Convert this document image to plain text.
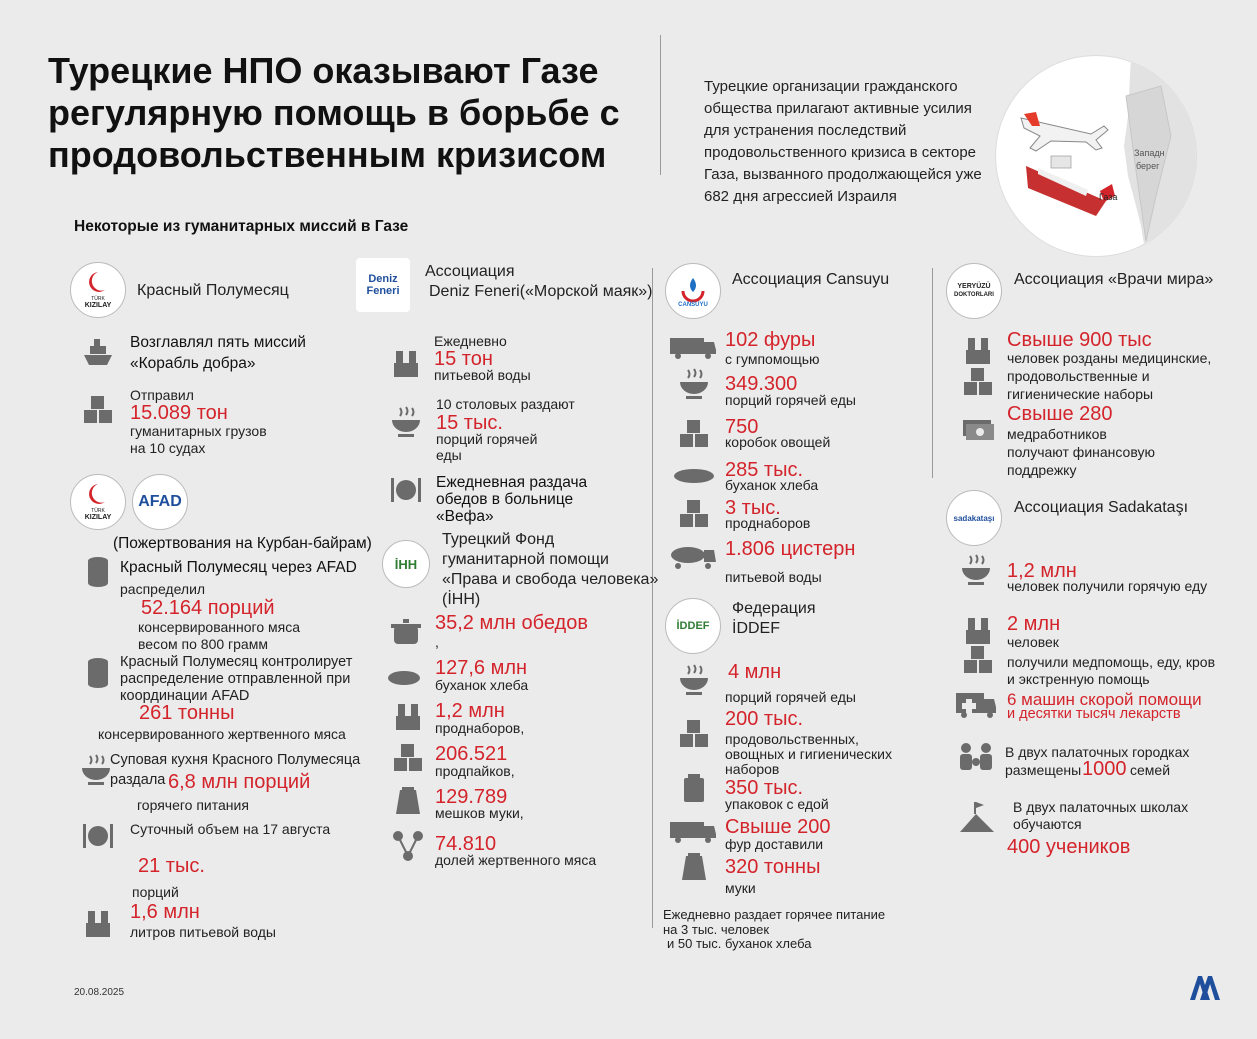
Турецкие НПО оказывают Газе регулярную помощь в борьбе с продовольственным кризисом
Турецкие организации гражданского общества прилагают активные усилия для устранения последствий продовольственного кризиса в секторе Газа, вызванного продолжающейся уже 682 дня агрессией Израиля	Газа
Западн
берег
Некоторые из гуманитарных миссий в Газе
TÜRK
KIZILAY
Красный Полумесяц
Возглавлял пять миссий
«Корабль добра»
Отправил
15.089 тон
гуманитарных грузов
на 10 судах
TÜRK
KIZILAY
AFAD
(Пожертвования на Курбан-байрам)
Красный Полумесяц через AFAD
распределил
52.164 порций
консервированного мяса
весом по 800 грамм
Красный Полумесяц контролирует
распределение отправленной при
координации AFAD
261 тонны
консервированного жертвенного мяса
Суповая кухня Красного Полумесяца
раздала 6,8 млн порций
горячего питания
Суточный объем на 17 августа
21 тыс.
порций
1,6 млн
литров питьевой воды
Deniz
Feneri
Ассоциация
Deniz Feneri(«Морской маяк»)
Ежедневно
15 тон
питьевой воды
10 столовых раздают
15 тыс.
порций горячей
еды
Ежедневная раздача
обедов в больнице
«Вефа»
İHH
Турецкий Фонд
гуманитарной помощи
«Права и свобода человека»
(İHH)
35,2 млн обедов
,
127,6 млн
буханок хлеба
1,2 млн
проднаборов,
206.521
продпайков,
129.789
мешков муки,
74.810
долей жертвенного мяса
CANSUYU
Ассоциация Cansuyu
102 фуры
с гумпомощью
349.300
порций горячей еды
750
коробок овощей
285 тыс.
буханок хлеба
3 тыс.
проднаборов
1.806 цистерн
питьевой воды
İDDEF
Федерация
İDDEF
4 млн
порций горячей еды
200 тыс.
продовольственных,
овощных и гигиенических
наборов
350 тыс.
упаковок с едой
Свыше 200
фур доставили
320 тонны
муки
Ежедневно раздает горячее питание
на 3 тыс. человек
и 50 тыс. буханок хлеба
YERYÜZÜ
DOKTORLARI
Ассоциация «Врачи мира»
Свыше 900 тыс
человек розданы медицинские,
продовольственные и
гигиенические наборы
Свыше 280
медработников
получают финансовую
поддрежку
sadakataşı
Ассоциация Sadakataşı
1,2 млн
человек получили горячую еду
2 млн
человек
получили медпомощь, еду, кров
и экстренную помощь
6 машин скорой помощи
и десятки тысяч лекарств
В двух палаточных городках
размещены 1000 семей
В двух палаточных школах
обучаются
400 учеников
20.08.2025
